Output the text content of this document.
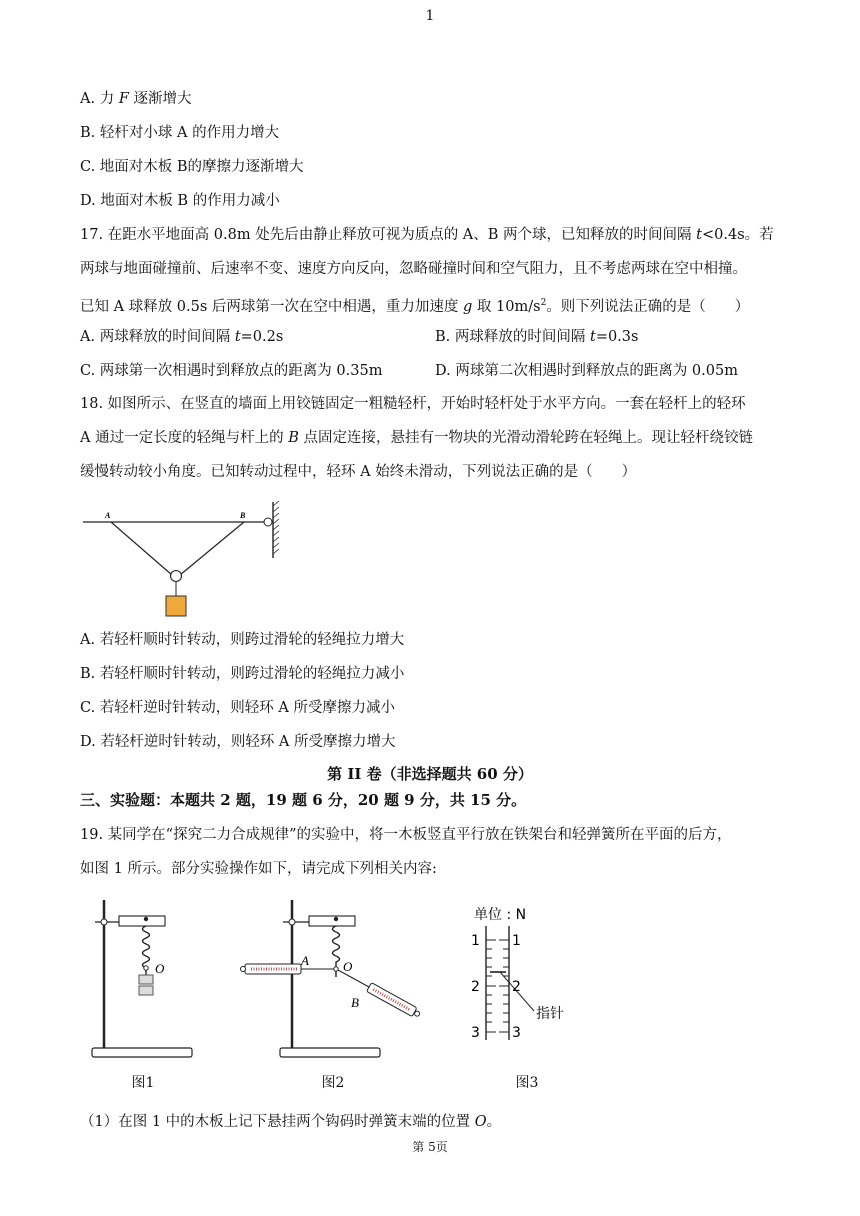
1
A. 力 F 逐渐增大
B. 轻杆对小球 A 的作用力增大
C. 地面对木板 B的摩擦力逐渐增大
D. 地面对木板 B 的作用力减小
17. 在距水平地面高 0.8m 处先后由静止释放可视为质点的 A、B 两个球，已知释放的时间间隔 t<0.4s。若
两球与地面碰撞前、后速率不变、速度方向反向，忽略碰撞时间和空气阻力，且不考虑两球在空中相撞。
已知 A 球释放 0.5s 后两球第一次在空中相遇，重力加速度 g 取 $10m/s^2$。则下列说法正确的是（　　）
A. 两球释放的时间间隔 t=0.2s	B. 两球释放的时间间隔 t=0.3s
C. 两球第一次相遇时到释放点的距离为 0.35m	D. 两球第二次相遇时到释放点的距离为 0.05m
18. 如图所示、在竖直的墙面上用铰链固定一粗糙轻杆，开始时轻杆处于水平方向。一套在轻杆上的轻环
A 通过一定长度的轻绳与杆上的 B 点固定连接，悬挂有一物块的光滑动滑轮跨在轻绳上。现让轻杆绕铰链
缓慢转动较小角度。已知转动过程中，轻环 A 始终未滑动，下列说法正确的是（　　）
A	B
A. 若轻杆顺时针转动，则跨过滑轮的轻绳拉力增大
B. 若轻杆顺时针转动，则跨过滑轮的轻绳拉力减小
C. 若轻杆逆时针转动，则轻环 A 所受摩擦力减小
D. 若轻杆逆时针转动，则轻环 A 所受摩擦力增大
第 II 卷（非选择题共 60 分）
三、实验题：本题共 2 题，19 题 6 分，20 题 9 分，共 15 分。
19. 某同学在“探究二力合成规律”的实验中，将一木板竖直平行放在铁架台和轻弹簧所在平面的后方，
如图 1 所示。部分实验操作如下，请完成下列相关内容:
O
A	O
B
单位 : N
1 1
2 2
3 3
指针
图1	图2	图3
（1）在图 1 中的木板上记下悬挂两个钩码时弹簧末端的位置 O。
第 5页
